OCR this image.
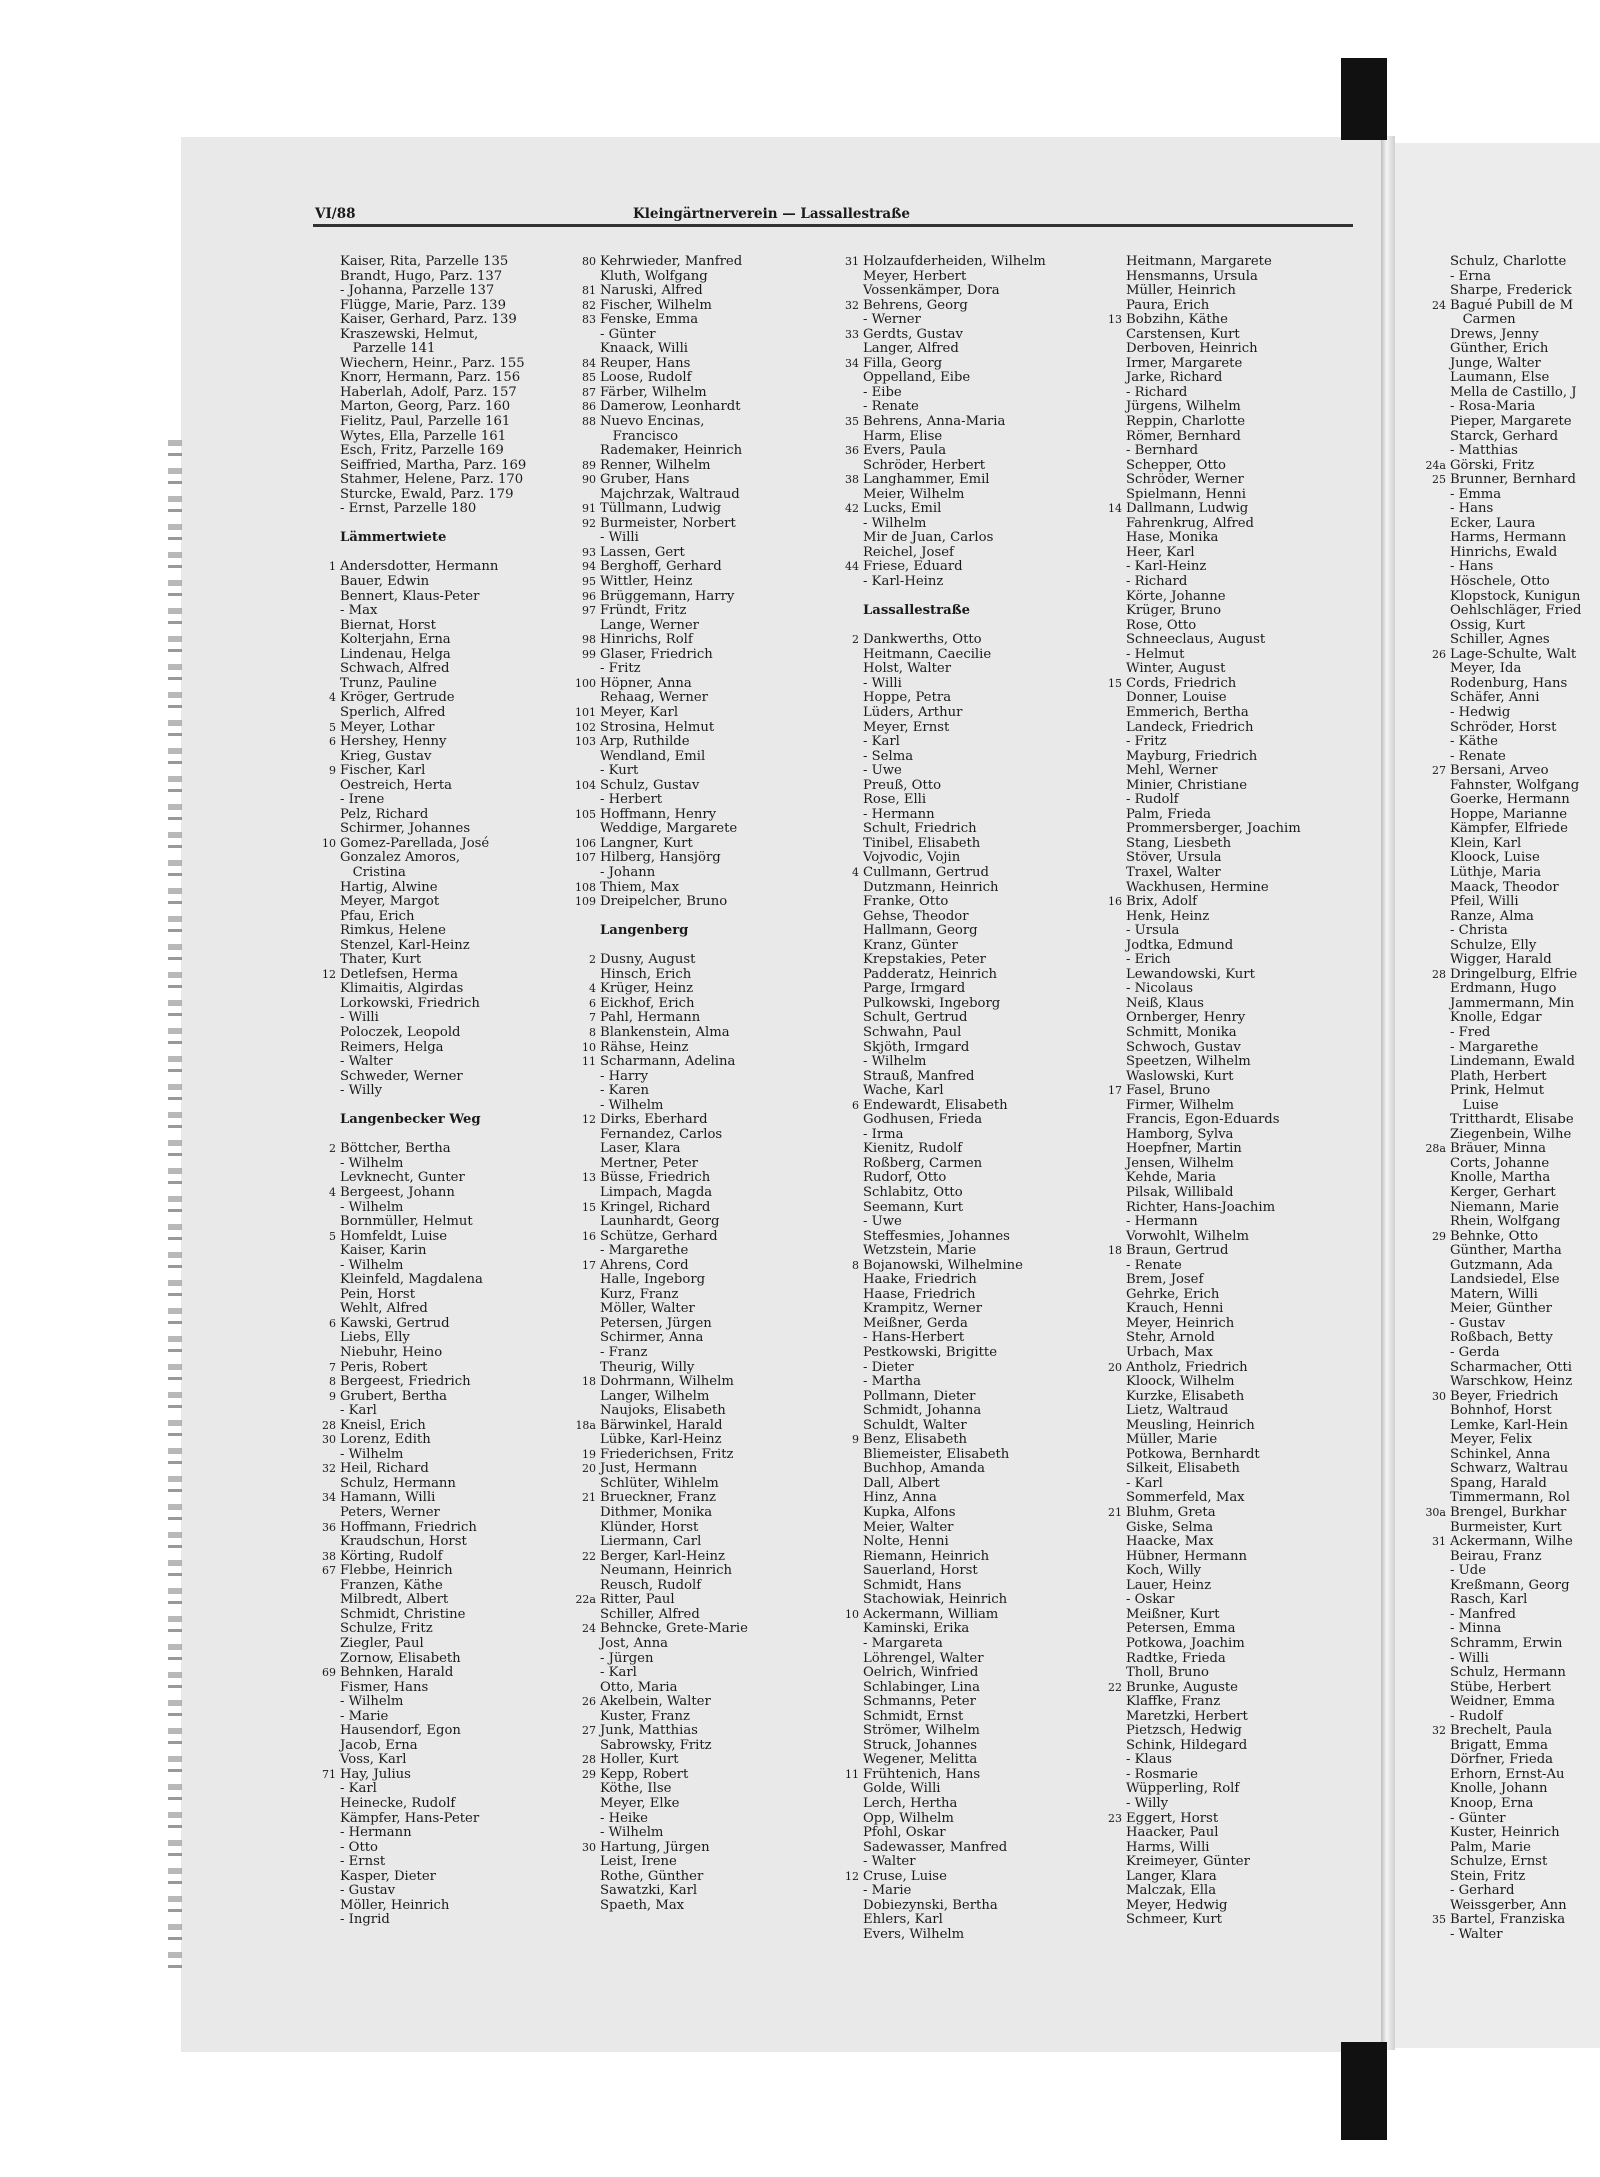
VI/88	Kleingärtnerverein — Lassallestraße
Kaiser, Rita, Parzelle 135
Brandt, Hugo, Parz. 137
- Johanna, Parzelle 137
Flügge, Marie, Parz. 139
Kaiser, Gerhard, Parz. 139
Kraszewski, Helmut,
Parzelle 141
Wiechern, Heinr., Parz. 155
Knorr, Hermann, Parz. 156
Haberlah, Adolf, Parz. 157
Marton, Georg, Parz. 160
Fielitz, Paul, Parzelle 161
Wytes, Ella, Parzelle 161
Esch, Fritz, Parzelle 169
Seiffried, Martha, Parz. 169
Stahmer, Helene, Parz. 170
Sturcke, Ewald, Parz. 179
- Ernst, Parzelle 180
Lämmertwiete
1 Andersdotter, Hermann
Bauer, Edwin
Bennert, Klaus-Peter
- Max
Biernat, Horst
Kolterjahn, Erna
Lindenau, Helga
Schwach, Alfred
Trunz, Pauline
4 Kröger, Gertrude
Sperlich, Alfred
5 Meyer, Lothar
6 Hershey, Henny
Krieg, Gustav
9 Fischer, Karl
Oestreich, Herta
- Irene
Pelz, Richard
Schirmer, Johannes
10 Gomez-Parellada, José
Gonzalez Amoros,
Cristina
Hartig, Alwine
Meyer, Margot
Pfau, Erich
Rimkus, Helene
Stenzel, Karl-Heinz
Thater, Kurt
12 Detlefsen, Herma
Klimaitis, Algirdas
Lorkowski, Friedrich
- Willi
Poloczek, Leopold
Reimers, Helga
- Walter
Schweder, Werner
- Willy
Langenbecker Weg
2 Böttcher, Bertha
- Wilhelm
Levknecht, Gunter
4 Bergeest, Johann
- Wilhelm
Bornmüller, Helmut
5 Homfeldt, Luise
Kaiser, Karin
- Wilhelm
Kleinfeld, Magdalena
Pein, Horst
Wehlt, Alfred
6 Kawski, Gertrud
Liebs, Elly
Niebuhr, Heino
7 Peris, Robert
8 Bergeest, Friedrich
9 Grubert, Bertha
- Karl
28 Kneisl, Erich
30 Lorenz, Edith
- Wilhelm
32 Heil, Richard
Schulz, Hermann
34 Hamann, Willi
Peters, Werner
36 Hoffmann, Friedrich
Kraudschun, Horst
38 Körting, Rudolf
67 Flebbe, Heinrich
Franzen, Käthe
Milbredt, Albert
Schmidt, Christine
Schulze, Fritz
Ziegler, Paul
Zornow, Elisabeth
69 Behnken, Harald
Fismer, Hans
- Wilhelm
- Marie
Hausendorf, Egon
Jacob, Erna
Voss, Karl
71 Hay, Julius
- Karl
Heinecke, Rudolf
Kämpfer, Hans-Peter
- Hermann
- Otto
- Ernst
Kasper, Dieter
- Gustav
Möller, Heinrich
- Ingrid
80 Kehrwieder, Manfred
Kluth, Wolfgang
81 Naruski, Alfred
82 Fischer, Wilhelm
83 Fenske, Emma
- Günter
Knaack, Willi
84 Reuper, Hans
85 Loose, Rudolf
87 Färber, Wilhelm
86 Damerow, Leonhardt
88 Nuevo Encinas,
Francisco
Rademaker, Heinrich
89 Renner, Wilhelm
90 Gruber, Hans
Majchrzak, Waltraud
91 Tüllmann, Ludwig
92 Burmeister, Norbert
- Willi
93 Lassen, Gert
94 Berghoff, Gerhard
95 Wittler, Heinz
96 Brüggemann, Harry
97 Fründt, Fritz
Lange, Werner
98 Hinrichs, Rolf
99 Glaser, Friedrich
- Fritz
100 Höpner, Anna
Rehaag, Werner
101 Meyer, Karl
102 Strosina, Helmut
103 Arp, Ruthilde
Wendland, Emil
- Kurt
104 Schulz, Gustav
- Herbert
105 Hoffmann, Henry
Weddige, Margarete
106 Langner, Kurt
107 Hilberg, Hansjörg
- Johann
108 Thiem, Max
109 Dreipelcher, Bruno
Langenberg
2 Dusny, August
Hinsch, Erich
4 Krüger, Heinz
6 Eickhof, Erich
7 Pahl, Hermann
8 Blankenstein, Alma
10 Rähse, Heinz
11 Scharmann, Adelina
- Harry
- Karen
- Wilhelm
12 Dirks, Eberhard
Fernandez, Carlos
Laser, Klara
Mertner, Peter
13 Büsse, Friedrich
Limpach, Magda
15 Kringel, Richard
Launhardt, Georg
16 Schütze, Gerhard
- Margarethe
17 Ahrens, Cord
Halle, Ingeborg
Kurz, Franz
Möller, Walter
Petersen, Jürgen
Schirmer, Anna
- Franz
Theurig, Willy
18 Dohrmann, Wilhelm
Langer, Wilhelm
Naujoks, Elisabeth
18a Bärwinkel, Harald
Lübke, Karl-Heinz
19 Friederichsen, Fritz
20 Just, Hermann
Schlüter, Wihlelm
21 Brueckner, Franz
Dithmer, Monika
Klünder, Horst
Liermann, Carl
22 Berger, Karl-Heinz
Neumann, Heinrich
Reusch, Rudolf
22a Ritter, Paul
Schiller, Alfred
24 Behncke, Grete-Marie
Jost, Anna
- Jürgen
- Karl
Otto, Maria
26 Akelbein, Walter
Kuster, Franz
27 Junk, Matthias
Sabrowsky, Fritz
28 Holler, Kurt
29 Kepp, Robert
Köthe, Ilse
Meyer, Elke
- Heike
- Wilhelm
30 Hartung, Jürgen
Leist, Irene
Rothe, Günther
Sawatzki, Karl
Spaeth, Max
31 Holzaufderheiden, Wilhelm
Meyer, Herbert
Vossenkämper, Dora
32 Behrens, Georg
- Werner
33 Gerdts, Gustav
Langer, Alfred
34 Filla, Georg
Oppelland, Eibe
- Eibe
- Renate
35 Behrens, Anna-Maria
Harm, Elise
36 Evers, Paula
Schröder, Herbert
38 Langhammer, Emil
Meier, Wilhelm
42 Lucks, Emil
- Wilhelm
Mir de Juan, Carlos
Reichel, Josef
44 Friese, Eduard
- Karl-Heinz
Lassallestraße
2 Dankwerths, Otto
Heitmann, Caecilie
Holst, Walter
- Willi
Hoppe, Petra
Lüders, Arthur
Meyer, Ernst
- Karl
- Selma
- Uwe
Preuß, Otto
Rose, Elli
- Hermann
Schult, Friedrich
Tinibel, Elisabeth
Vojvodic, Vojin
4 Cullmann, Gertrud
Dutzmann, Heinrich
Franke, Otto
Gehse, Theodor
Hallmann, Georg
Kranz, Günter
Krepstakies, Peter
Padderatz, Heinrich
Parge, Irmgard
Pulkowski, Ingeborg
Schult, Gertrud
Schwahn, Paul
Skjöth, Irmgard
- Wilhelm
Strauß, Manfred
Wache, Karl
6 Endewardt, Elisabeth
Godhusen, Frieda
- Irma
Kienitz, Rudolf
Roßberg, Carmen
Rudorf, Otto
Schlabitz, Otto
Seemann, Kurt
- Uwe
Steffesmies, Johannes
Wetzstein, Marie
8 Bojanowski, Wilhelmine
Haake, Friedrich
Haase, Friedrich
Krampitz, Werner
Meißner, Gerda
- Hans-Herbert
Pestkowski, Brigitte
- Dieter
- Martha
Pollmann, Dieter
Schmidt, Johanna
Schuldt, Walter
9 Benz, Elisabeth
Bliemeister, Elisabeth
Buchhop, Amanda
Dall, Albert
Hinz, Anna
Kupka, Alfons
Meier, Walter
Nolte, Henni
Riemann, Heinrich
Sauerland, Horst
Schmidt, Hans
Stachowiak, Heinrich
10 Ackermann, William
Kaminski, Erika
- Margareta
Löhrengel, Walter
Oelrich, Winfried
Schlabinger, Lina
Schmanns, Peter
Schmidt, Ernst
Strömer, Wilhelm
Struck, Johannes
Wegener, Melitta
11 Frühtenich, Hans
Golde, Willi
Lerch, Hertha
Opp, Wilhelm
Pfohl, Oskar
Sadewasser, Manfred
- Walter
12 Cruse, Luise
- Marie
Dobiezynski, Bertha
Ehlers, Karl
Evers, Wilhelm
Heitmann, Margarete
Hensmanns, Ursula
Müller, Heinrich
Paura, Erich
13 Bobzihn, Käthe
Carstensen, Kurt
Derboven, Heinrich
Irmer, Margarete
Jarke, Richard
- Richard
Jürgens, Wilhelm
Reppin, Charlotte
Römer, Bernhard
- Bernhard
Schepper, Otto
Schröder, Werner
Spielmann, Henni
14 Dallmann, Ludwig
Fahrenkrug, Alfred
Hase, Monika
Heer, Karl
- Karl-Heinz
- Richard
Körte, Johanne
Krüger, Bruno
Rose, Otto
Schneeclaus, August
- Helmut
Winter, August
15 Cords, Friedrich
Donner, Louise
Emmerich, Bertha
Landeck, Friedrich
- Fritz
Mayburg, Friedrich
Mehl, Werner
Minier, Christiane
- Rudolf
Palm, Frieda
Prommersberger, Joachim
Stang, Liesbeth
Stöver, Ursula
Traxel, Walter
Wackhusen, Hermine
16 Brix, Adolf
Henk, Heinz
- Ursula
Jodtka, Edmund
- Erich
Lewandowski, Kurt
- Nicolaus
Neiß, Klaus
Ornberger, Henry
Schmitt, Monika
Schwoch, Gustav
Speetzen, Wilhelm
Waslowski, Kurt
17 Fasel, Bruno
Firmer, Wilhelm
Francis, Egon-Eduards
Hamborg, Sylva
Hoepfner, Martin
Jensen, Wilhelm
Kehde, Maria
Pilsak, Willibald
Richter, Hans-Joachim
- Hermann
Vorwohlt, Wilhelm
18 Braun, Gertrud
- Renate
Brem, Josef
Gehrke, Erich
Krauch, Henni
Meyer, Heinrich
Stehr, Arnold
Urbach, Max
20 Antholz, Friedrich
Kloock, Wilhelm
Kurzke, Elisabeth
Lietz, Waltraud
Meusling, Heinrich
Müller, Marie
Potkowa, Bernhardt
Silkeit, Elisabeth
- Karl
Sommerfeld, Max
21 Bluhm, Greta
Giske, Selma
Haacke, Max
Hübner, Hermann
Koch, Willy
Lauer, Heinz
- Oskar
Meißner, Kurt
Petersen, Emma
Potkowa, Joachim
Radtke, Frieda
Tholl, Bruno
22 Brunke, Auguste
Klaffke, Franz
Maretzki, Herbert
Pietzsch, Hedwig
Schink, Hildegard
- Klaus
- Rosmarie
Wüpperling, Rolf
- Willy
23 Eggert, Horst
Haacker, Paul
Harms, Willi
Kreimeyer, Günter
Langer, Klara
Malczak, Ella
Meyer, Hedwig
Schmeer, Kurt
Schulz, Charlotte
- Erna
Sharpe, Frederick
24 Bagué Pubill de M
Carmen
Drews, Jenny
Günther, Erich
Junge, Walter
Laumann, Else
Mella de Castillo, J
- Rosa-Maria
Pieper, Margarete
Starck, Gerhard
- Matthias
24a Görski, Fritz
25 Brunner, Bernhard
- Emma
- Hans
Ecker, Laura
Harms, Hermann
Hinrichs, Ewald
- Hans
Höschele, Otto
Klopstock, Kunigun
Oehlschläger, Fried
Ossig, Kurt
Schiller, Agnes
26 Lage-Schulte, Walt
Meyer, Ida
Rodenburg, Hans
Schäfer, Anni
- Hedwig
Schröder, Horst
- Käthe
- Renate
27 Bersani, Arveo
Fahnster, Wolfgang
Goerke, Hermann
Hoppe, Marianne
Kämpfer, Elfriede
Klein, Karl
Kloock, Luise
Lüthje, Maria
Maack, Theodor
Pfeil, Willi
Ranze, Alma
- Christa
Schulze, Elly
Wigger, Harald
28 Dringelburg, Elfrie
Erdmann, Hugo
Jammermann, Min
Knolle, Edgar
- Fred
- Margarethe
Lindemann, Ewald
Plath, Herbert
Prink, Helmut
Luise
Tritthardt, Elisabe
Ziegenbein, Wilhe
28a Bräuer, Minna
Corts, Johanne
Knolle, Martha
Kerger, Gerhart
Niemann, Marie
Rhein, Wolfgang
29 Behnke, Otto
Günther, Martha
Gutzmann, Ada
Landsiedel, Else
Matern, Willi
Meier, Günther
- Gustav
Roßbach, Betty
- Gerda
Scharmacher, Otti
Warschkow, Heinz
30 Beyer, Friedrich
Bohnhof, Horst
Lemke, Karl-Hein
Meyer, Felix
Schinkel, Anna
Schwarz, Waltrau
Spang, Harald
Timmermann, Rol
30a Brengel, Burkhar
Burmeister, Kurt
31 Ackermann, Wilhe
Beirau, Franz
- Ude
Kreßmann, Georg
Rasch, Karl
- Manfred
- Minna
Schramm, Erwin
- Willi
Schulz, Hermann
Stübe, Herbert
Weidner, Emma
- Rudolf
32 Brechelt, Paula
Brigatt, Emma
Dörfner, Frieda
Erhorn, Ernst-Au
Knolle, Johann
Knoop, Erna
- Günter
Kuster, Heinrich
Palm, Marie
Schulze, Ernst
Stein, Fritz
- Gerhard
Weissgerber, Ann
35 Bartel, Franziska
- Walter
